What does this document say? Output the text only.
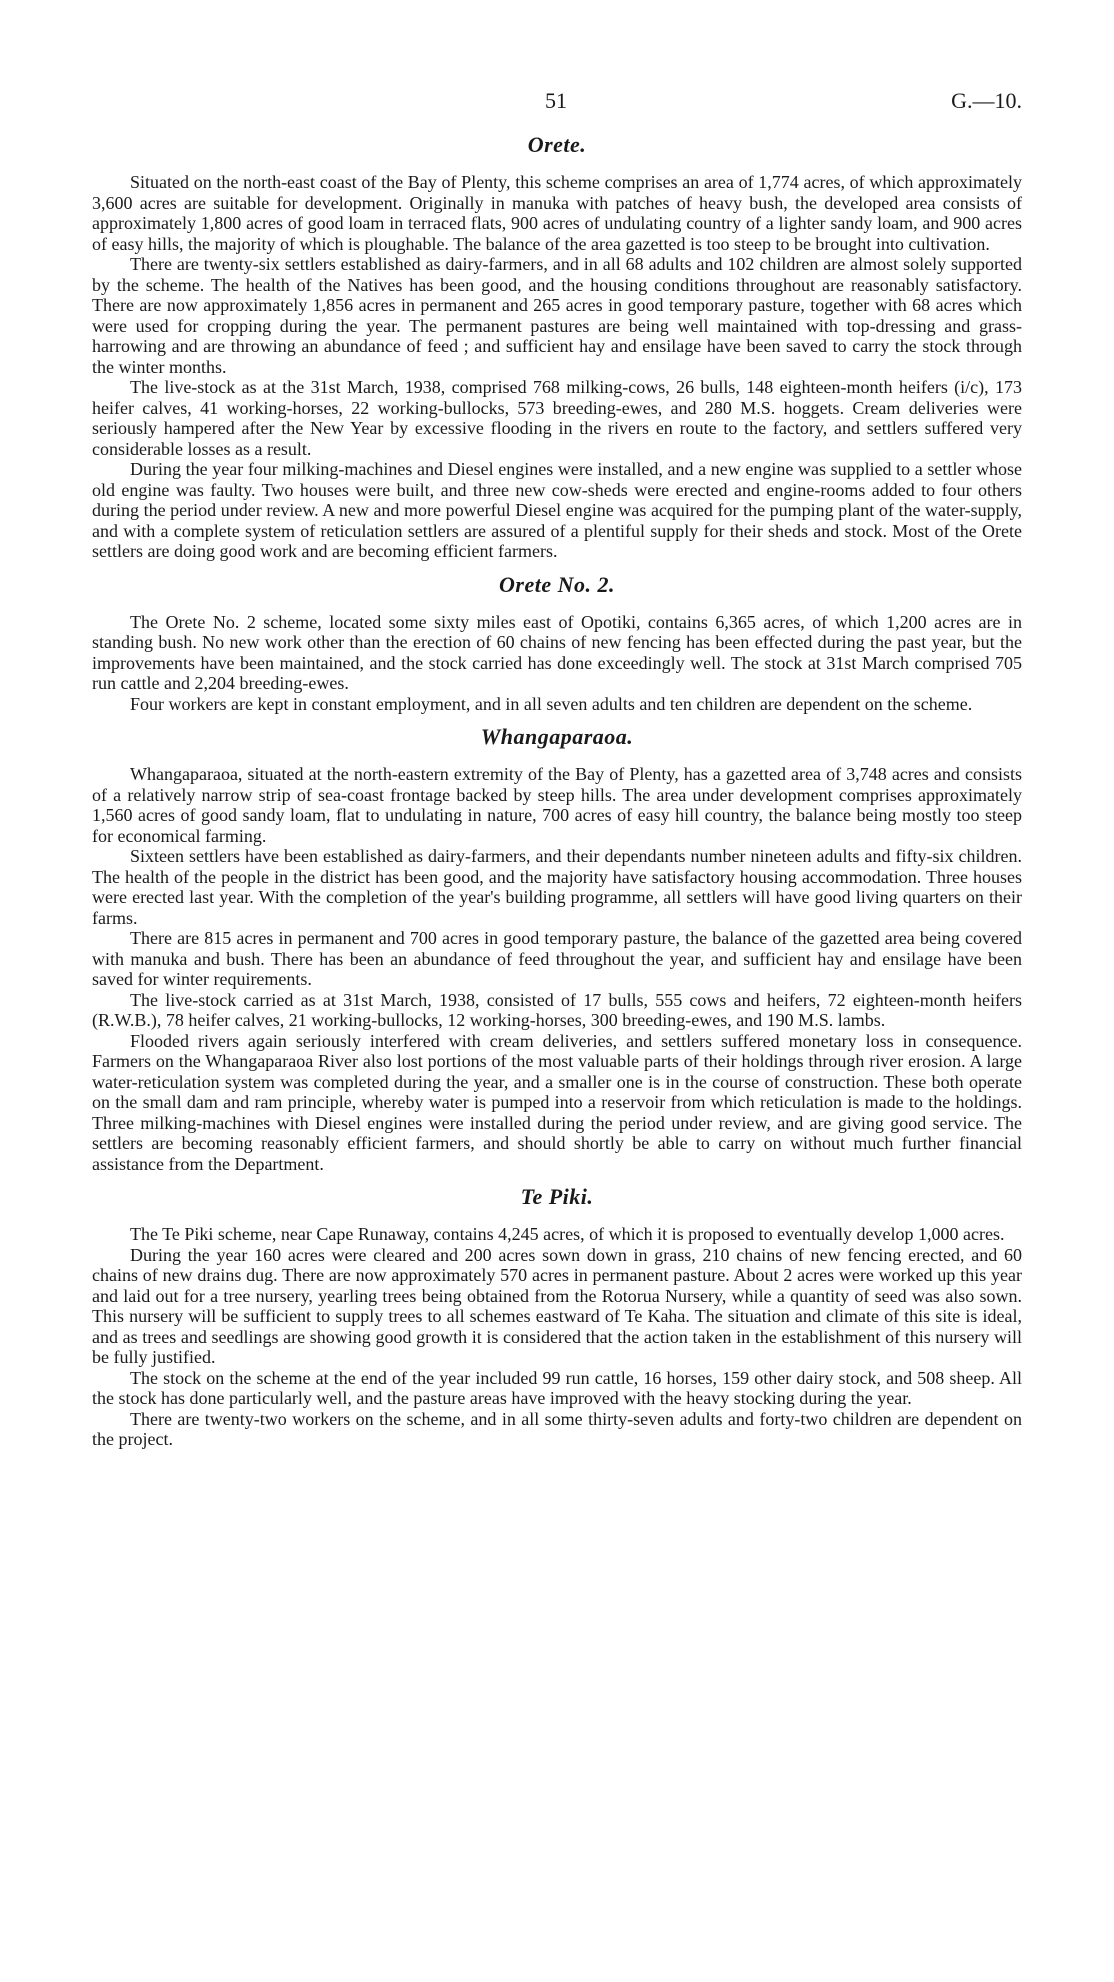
51	G.—10.
Orete.

Situated on the north-east coast of the Bay of Plenty, this scheme comprises an area of 1,774 acres, of which approximately 3,600 acres are suitable for development. Originally in manuka with patches of heavy bush, the developed area consists of approximately 1,800 acres of good loam in terraced flats, 900 acres of undulating country of a lighter sandy loam, and 900 acres of easy hills, the majority of which is ploughable. The balance of the area gazetted is too steep to be brought into cultivation.

There are twenty-six settlers established as dairy-farmers, and in all 68 adults and 102 children are almost solely supported by the scheme. The health of the Natives has been good, and the housing conditions throughout are reasonably satisfactory. There are now approximately 1,856 acres in permanent and 265 acres in good temporary pasture, together with 68 acres which were used for cropping during the year. The permanent pastures are being well maintained with top-dressing and grass-harrowing and are throwing an abundance of feed ; and sufficient hay and ensilage have been saved to carry the stock through the winter months.

The live-stock as at the 31st March, 1938, comprised 768 milking-cows, 26 bulls, 148 eighteen-month heifers (i/c), 173 heifer calves, 41 working-horses, 22 working-bullocks, 573 breeding-ewes, and 280 M.S. hoggets. Cream deliveries were seriously hampered after the New Year by excessive flooding in the rivers en route to the factory, and settlers suffered very considerable losses as a result.

During the year four milking-machines and Diesel engines were installed, and a new engine was supplied to a settler whose old engine was faulty. Two houses were built, and three new cow-sheds were erected and engine-rooms added to four others during the period under review. A new and more powerful Diesel engine was acquired for the pumping plant of the water-supply, and with a complete system of reticulation settlers are assured of a plentiful supply for their sheds and stock. Most of the Orete settlers are doing good work and are becoming efficient farmers.

Orete No. 2.

The Orete No. 2 scheme, located some sixty miles east of Opotiki, contains 6,365 acres, of which 1,200 acres are in standing bush. No new work other than the erection of 60 chains of new fencing has been effected during the past year, but the improvements have been maintained, and the stock carried has done exceedingly well. The stock at 31st March comprised 705 run cattle and 2,204 breeding-ewes.

Four workers are kept in constant employment, and in all seven adults and ten children are dependent on the scheme.

Whangaparaoa.

Whangaparaoa, situated at the north-eastern extremity of the Bay of Plenty, has a gazetted area of 3,748 acres and consists of a relatively narrow strip of sea-coast frontage backed by steep hills. The area under development comprises approximately 1,560 acres of good sandy loam, flat to undulating in nature, 700 acres of easy hill country, the balance being mostly too steep for economical farming.

Sixteen settlers have been established as dairy-farmers, and their dependants number nineteen adults and fifty-six children. The health of the people in the district has been good, and the majority have satisfactory housing accommodation. Three houses were erected last year. With the completion of the year's building programme, all settlers will have good living quarters on their farms.

There are 815 acres in permanent and 700 acres in good temporary pasture, the balance of the gazetted area being covered with manuka and bush. There has been an abundance of feed throughout the year, and sufficient hay and ensilage have been saved for winter requirements.

The live-stock carried as at 31st March, 1938, consisted of 17 bulls, 555 cows and heifers, 72 eighteen-month heifers (R.W.B.), 78 heifer calves, 21 working-bullocks, 12 working-horses, 300 breeding-ewes, and 190 M.S. lambs.

Flooded rivers again seriously interfered with cream deliveries, and settlers suffered monetary loss in consequence. Farmers on the Whangaparaoa River also lost portions of the most valuable parts of their holdings through river erosion. A large water-reticulation system was completed during the year, and a smaller one is in the course of construction. These both operate on the small dam and ram principle, whereby water is pumped into a reservoir from which reticulation is made to the holdings. Three milking-machines with Diesel engines were installed during the period under review, and are giving good service. The settlers are becoming reasonably efficient farmers, and should shortly be able to carry on without much further financial assistance from the Department.

Te Piki.

The Te Piki scheme, near Cape Runaway, contains 4,245 acres, of which it is proposed to eventually develop 1,000 acres.

During the year 160 acres were cleared and 200 acres sown down in grass, 210 chains of new fencing erected, and 60 chains of new drains dug. There are now approximately 570 acres in permanent pasture. About 2 acres were worked up this year and laid out for a tree nursery, yearling trees being obtained from the Rotorua Nursery, while a quantity of seed was also sown. This nursery will be sufficient to supply trees to all schemes eastward of Te Kaha. The situation and climate of this site is ideal, and as trees and seedlings are showing good growth it is considered that the action taken in the establishment of this nursery will be fully justified.

The stock on the scheme at the end of the year included 99 run cattle, 16 horses, 159 other dairy stock, and 508 sheep. All the stock has done particularly well, and the pasture areas have improved with the heavy stocking during the year.

There are twenty-two workers on the scheme, and in all some thirty-seven adults and forty-two children are dependent on the project.
